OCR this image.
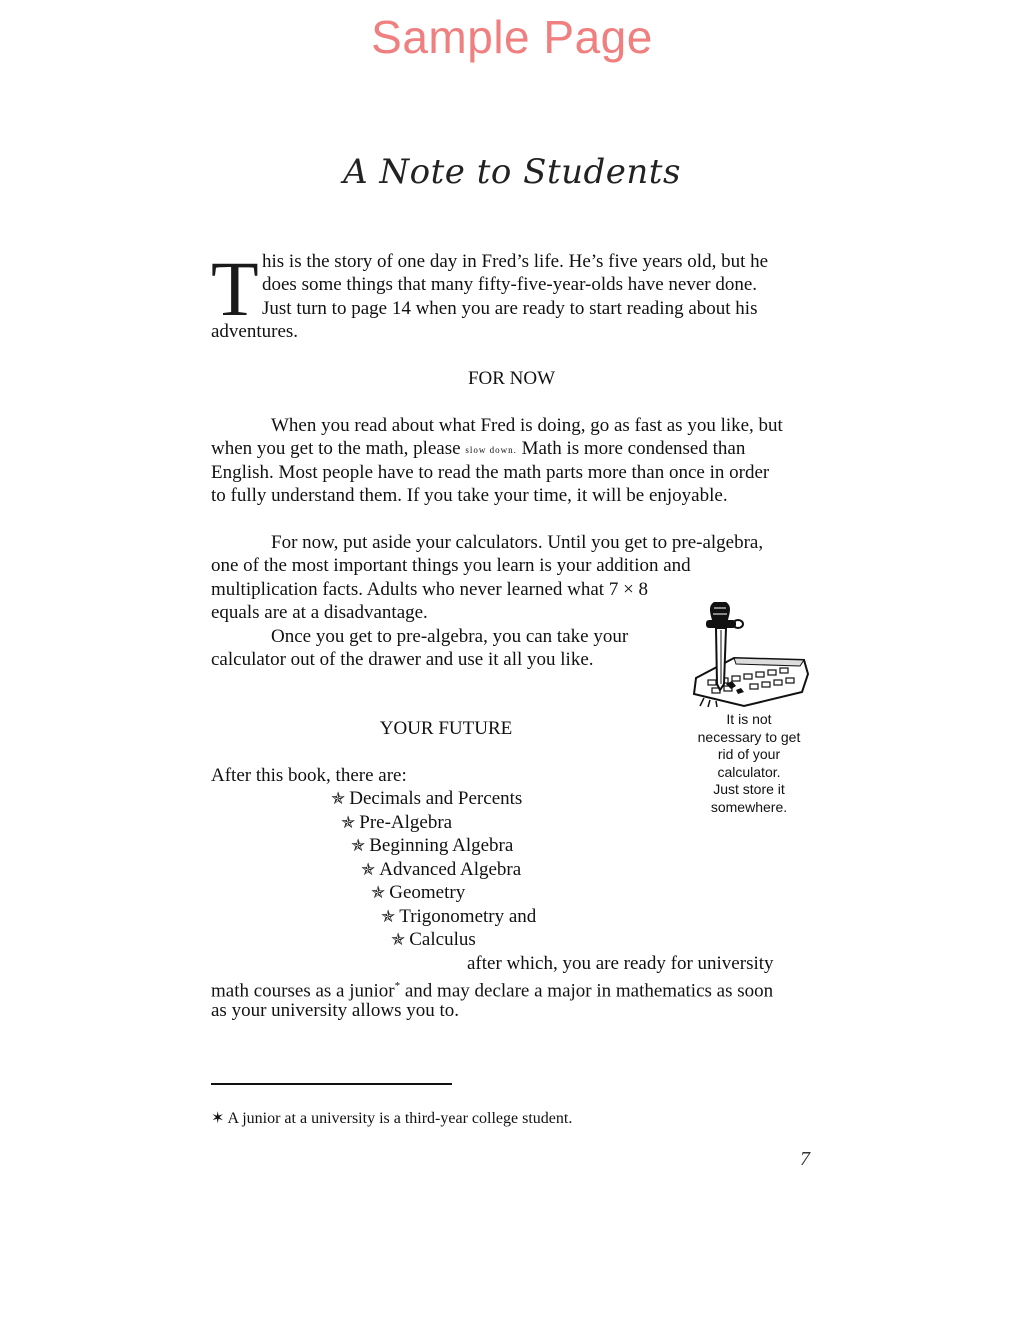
Sample Page
A Note to Students
T his is the story of one day in Fred’s life. He’s five years old, but he
does some things that many fifty-five-year-olds have never done.
Just turn to page 14 when you are ready to start reading about his
adventures.
FOR NOW
When you read about what Fred is doing, go as fast as you like, but
when you get to the math, please slow down. Math is more condensed than
English. Most people have to read the math parts more than once in order
to fully understand them. If you take your time, it will be enjoyable.
For now, put aside your calculators. Until you get to pre-algebra,
one of the most important things you learn is your addition and
multiplication facts. Adults who never learned what 7 × 8
equals are at a disadvantage.
Once you get to pre-algebra, you can take your
calculator out of the drawer and use it all you like.
It is not
necessary to get
rid of your
calculator.
Just store it
somewhere.
YOUR FUTURE
After this book, there are:
✯ Decimals and Percents
✯ Pre-Algebra
✯ Beginning Algebra
✯ Advanced Algebra
✯ Geometry
✯ Trigonometry and
✯ Calculus
after which, you are ready for university
math courses as a junior* and may declare a major in mathematics as soon
as your university allows you to.
✶ A junior at a university is a third-year college student.
7
